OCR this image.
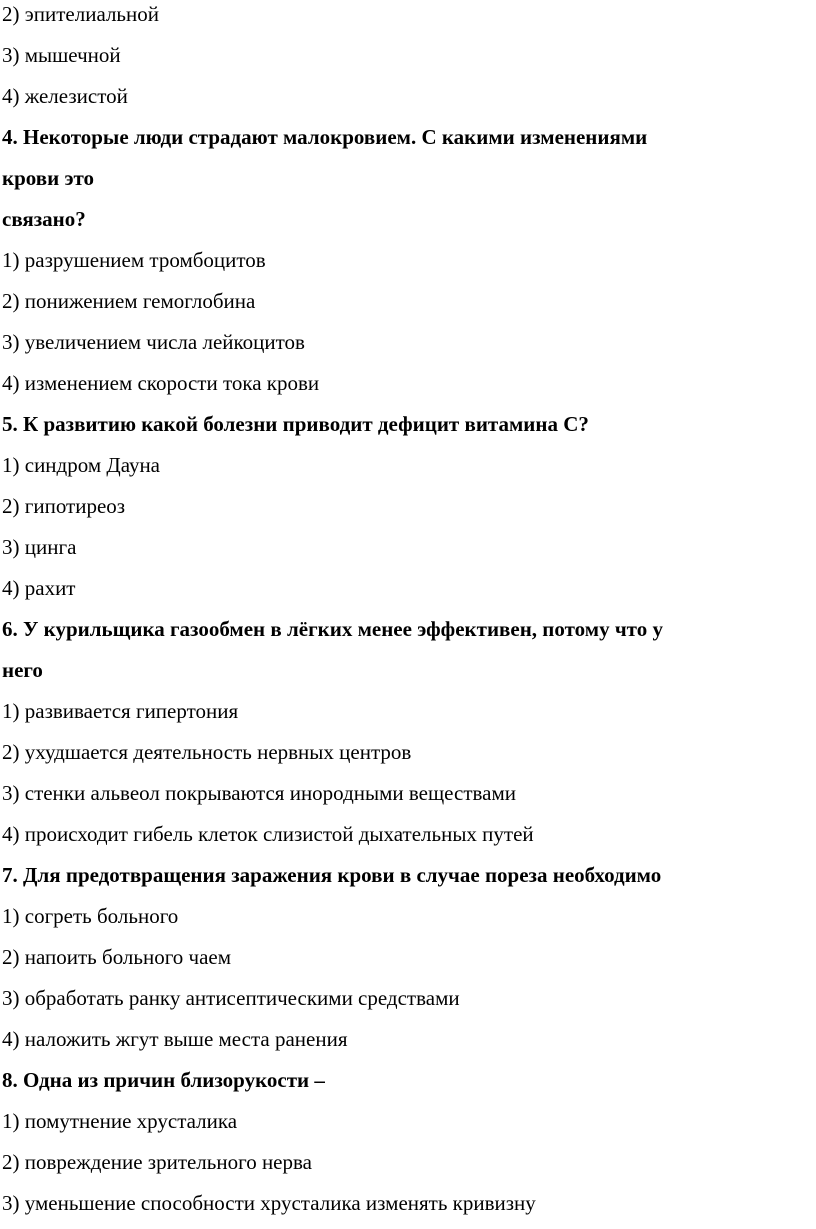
2) эпителиальной
3) мышечной
4) железистой
4. Некоторые люди страдают малокровием. С какими изменениями
крови это
связано?
1) разрушением тромбоцитов
2) понижением гемоглобина
3) увеличением числа лейкоцитов
4) изменением скорости тока крови
5. К развитию какой болезни приводит дефицит витамина С?
1) синдром Дауна
2) гипотиреоз
3) цинга
4) рахит
6. У курильщика газообмен в лёгких менее эффективен, потому что у
него
1) развивается гипертония
2) ухудшается деятельность нервных центров
3) стенки альвеол покрываются инородными веществами
4) происходит гибель клеток слизистой дыхательных путей
7. Для предотвращения заражения крови в случае пореза необходимо
1) согреть больного
2) напоить больного чаем
3) обработать ранку антисептическими средствами
4) наложить жгут выше места ранения
8. Одна из причин близорукости –
1) помутнение хрусталика
2) повреждение зрительного нерва
3) уменьшение способности хрусталика изменять кривизну
